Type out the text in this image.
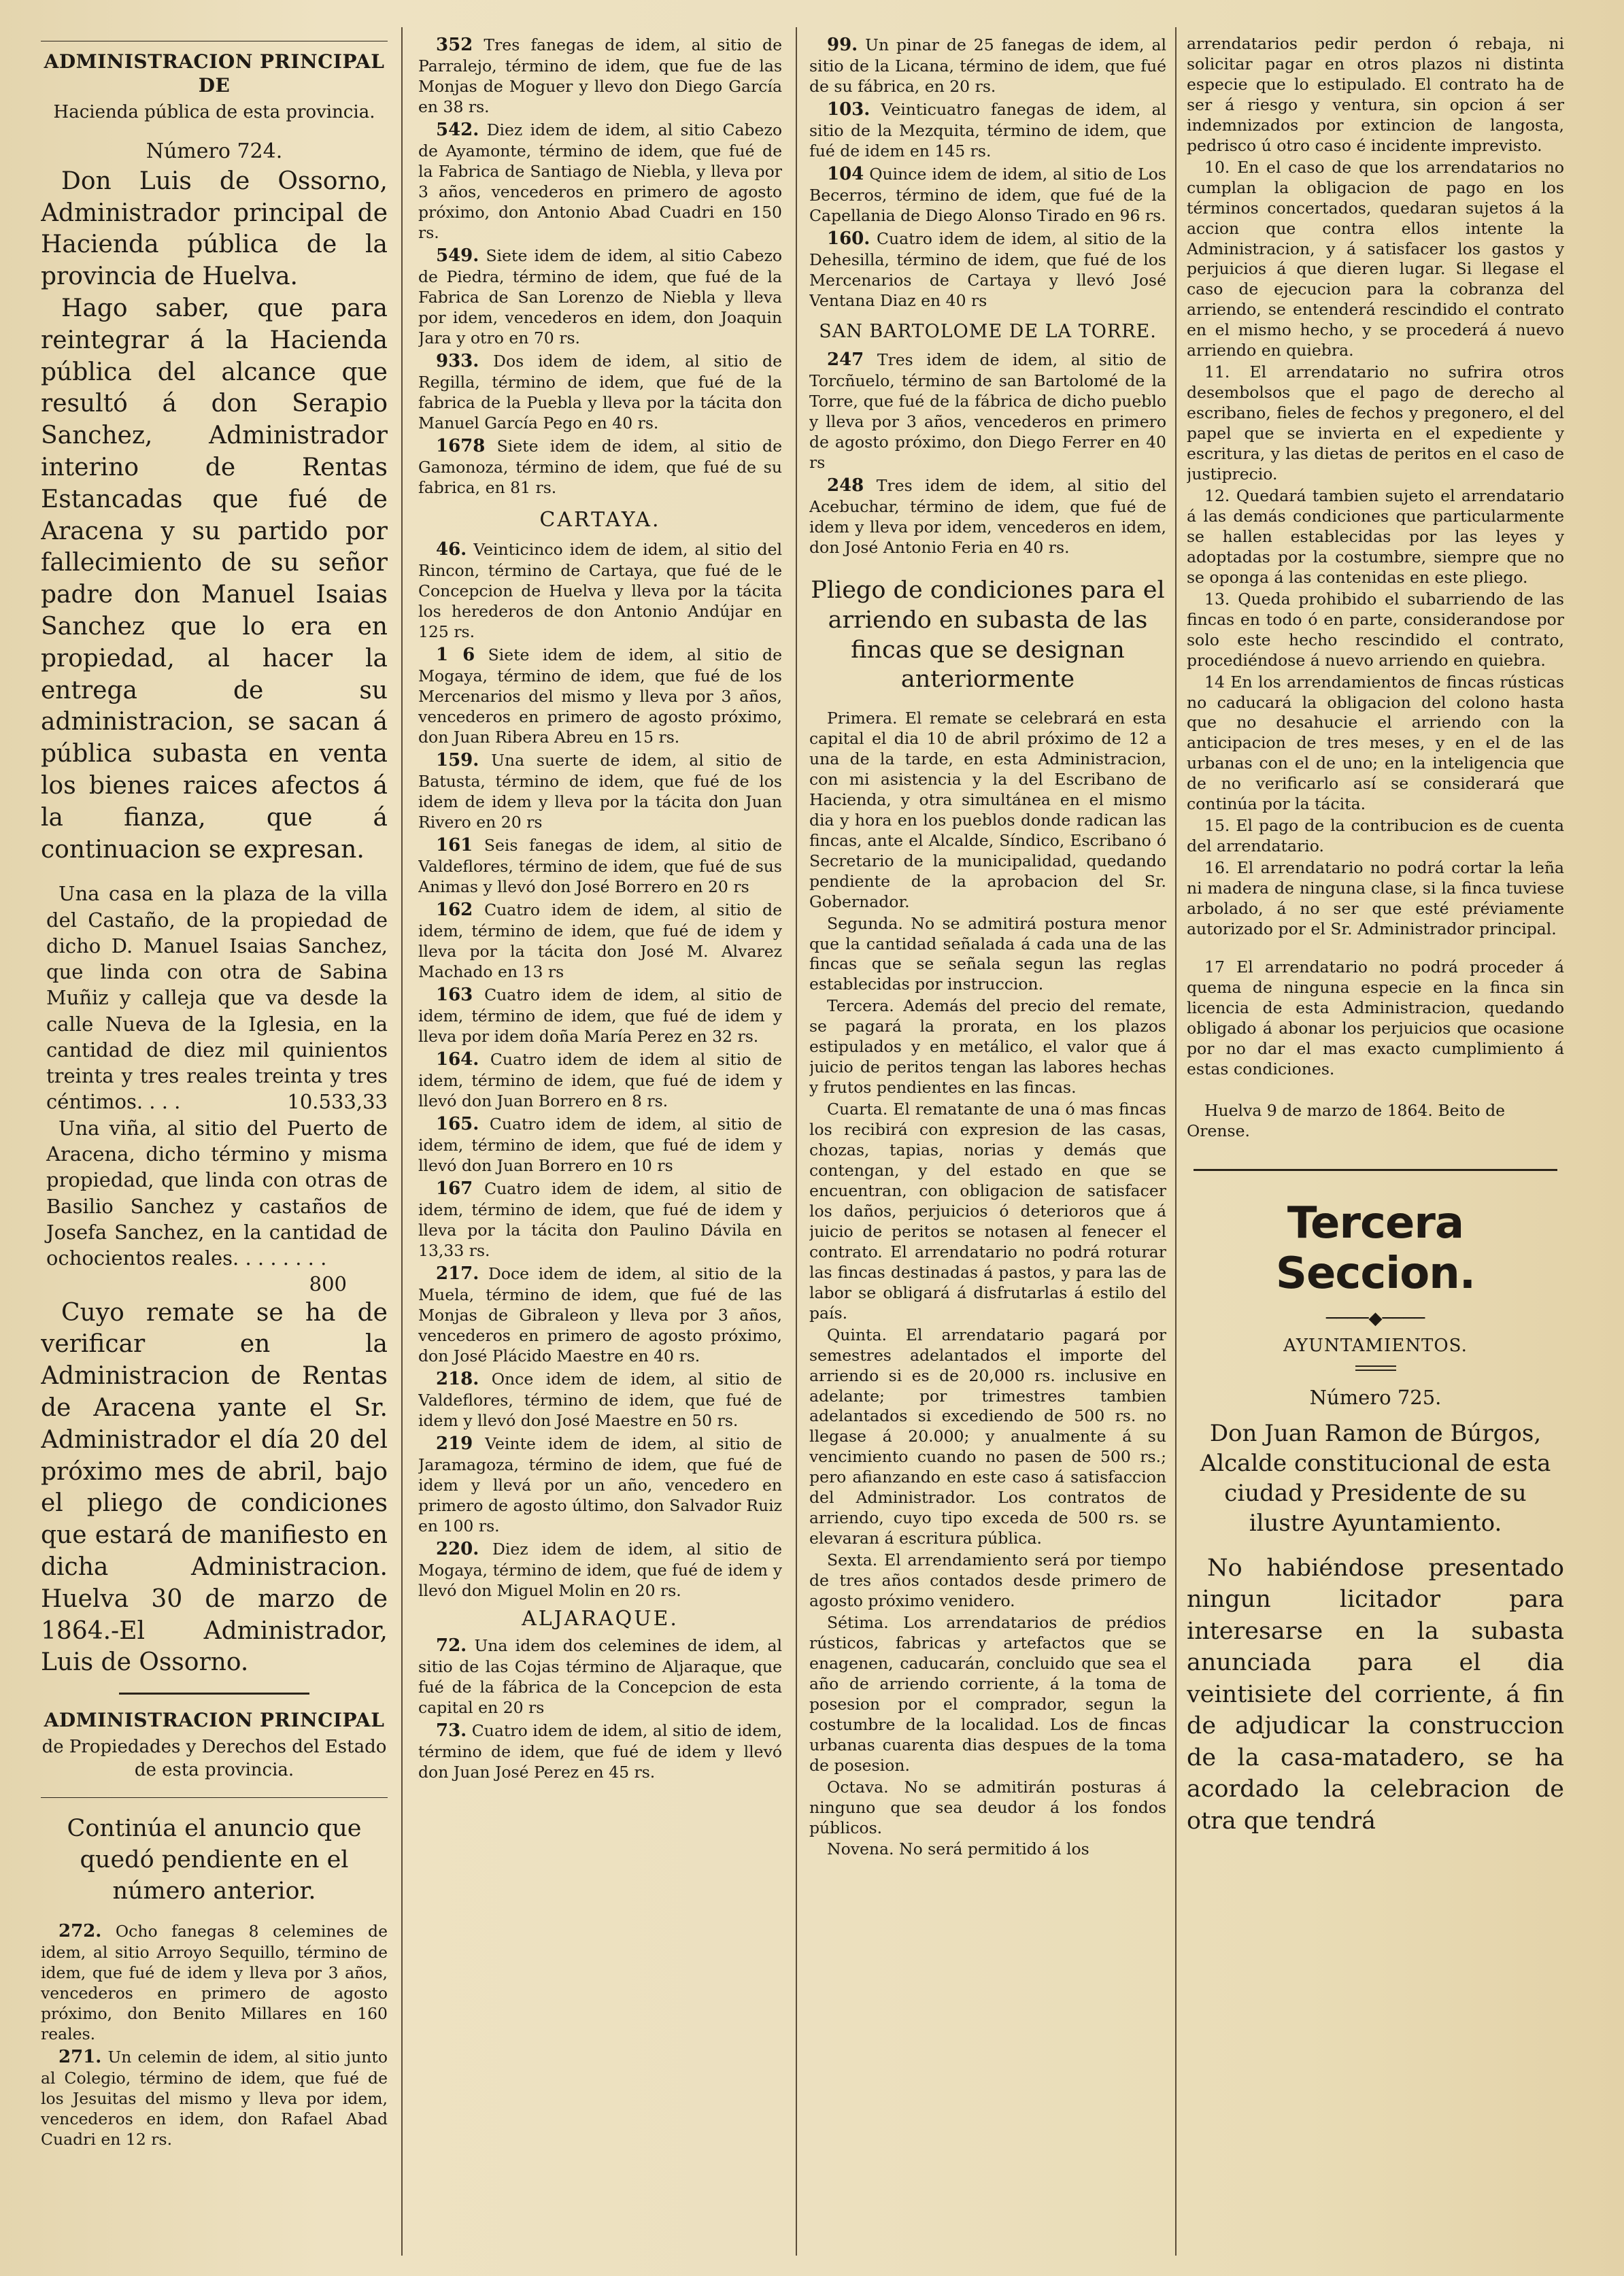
ADMINISTRACION PRINCIPAL DE
Hacienda pública de esta provincia.
Número 724.

Don Luis de Ossorno, Administrador principal de Hacienda pública de la provincia de Huelva.

Hago saber, que para reintegrar á la Hacienda pública del alcance que resultó á don Serapio Sanchez, Administrador interino de Rentas Estancadas que fué de Aracena y su partido por fallecimiento de su señor padre don Manuel Isaias Sanchez que lo era en propiedad, al hacer la entrega de su administracion, se sacan á pública subasta en venta los bienes raices afectos á la fianza, que á continuacion se expresan.

Una casa en la plaza de la villa del Castaño, de la propiedad de dicho D. Manuel Isaias Sanchez, que linda con otra de Sabina Muñiz y calleja que va desde la calle Nueva de la Iglesia, en la cantidad de diez mil quinientos treinta y tres reales treinta y tres céntimos. . . .	10.533,33

Una viña, al sitio del Puerto de Aracena, dicho término y misma propiedad, que linda con otras de Basilio Sanchez y castaños de Josefa Sanchez, en la cantidad de ochocientos reales. . . . . . . .
800

Cuyo remate se ha de verificar en la Administracion de Rentas de Aracena yante el Sr. Administrador el día 20 del próximo mes de abril, bajo el pliego de condiciones que estará de manifiesto en dicha Administracion. Huelva 30 de marzo de 1864.-El Administrador, Luis de Ossorno.

ADMINISTRACION PRINCIPAL
de Propiedades y Derechos del Estado de esta provincia.
Continúa el anuncio que quedó pendiente en el número anterior.

272. Ocho fanegas 8 celemines de idem, al sitio Arroyo Sequillo, término de idem, que fué de idem y lleva por 3 años, vencederos en primero de agosto próximo, don Benito Millares en 160 reales.

271. Un celemin de idem, al sitio junto al Colegio, término de idem, que fué de los Jesuitas del mismo y lleva por idem, vencederos en idem, don Rafael Abad Cuadri en 12 rs.

352 Tres fanegas de idem, al sitio de Parralejo, término de idem, que fue de las Monjas de Moguer y llevo don Diego García en 38 rs.

542. Diez idem de idem, al sitio Cabezo de Ayamonte, término de idem, que fué de la Fabrica de Santiago de Niebla, y lleva por 3 años, vencederos en primero de agosto próximo, don Antonio Abad Cuadri en 150 rs.

549. Siete idem de idem, al sitio Cabezo de Piedra, término de idem, que fué de la Fabrica de San Lorenzo de Niebla y lleva por idem, vencederos en idem, don Joaquin Jara y otro en 70 rs.

933. Dos idem de idem, al sitio de Regilla, término de idem, que fué de la fabrica de la Puebla y lleva por la tácita don Manuel García Pego en 40 rs.

1678 Siete idem de idem, al sitio de Gamonoza, término de idem, que fué de su fabrica, en 81 rs.

CARTAYA.

46. Veinticinco idem de idem, al sitio del Rincon, término de Cartaya, que fué de le Concepcion de Huelva y lleva por la tácita los herederos de don Antonio Andújar en 125 rs.

1 6 Siete idem de idem, al sitio de Mogaya, término de idem, que fué de los Mercenarios del mismo y lleva por 3 años, vencederos en primero de agosto próximo, don Juan Ribera Abreu en 15 rs.

159. Una suerte de idem, al sitio de Batusta, término de idem, que fué de los idem de idem y lleva por la tácita don Juan Rivero en 20 rs

161 Seis fanegas de idem, al sitio de Valdeflores, término de idem, que fué de sus Animas y llevó don José Borrero en 20 rs

162 Cuatro idem de idem, al sitio de idem, término de idem, que fué de idem y lleva por la tácita don José M. Alvarez Machado en 13 rs

163 Cuatro idem de idem, al sitio de idem, término de idem, que fué de idem y lleva por idem doña María Perez en 32 rs.

164. Cuatro idem de idem al sitio de idem, término de idem, que fué de idem y llevó don Juan Borrero en 8 rs.

165. Cuatro idem de idem, al sitio de idem, término de idem, que fué de idem y llevó don Juan Borrero en 10 rs

167 Cuatro idem de idem, al sitio de idem, término de idem, que fué de idem y lleva por la tácita don Paulino Dávila en 13,33 rs.

217. Doce idem de idem, al sitio de la Muela, término de idem, que fué de las Monjas de Gibraleon y lleva por 3 años, vencederos en primero de agosto próximo, don José Plácido Maestre en 40 rs.

218. Once idem de idem, al sitio de Valdeflores, término de idem, que fué de idem y llevó don José Maestre en 50 rs.

219 Veinte idem de idem, al sitio de Jaramagoza, término de idem, que fué de idem y llevá por un año, vencedero en primero de agosto último, don Salvador Ruiz en 100 rs.

220. Diez idem de idem, al sitio de Mogaya, término de idem, que fué de idem y llevó don Miguel Molin en 20 rs.

ALJARAQUE.

72. Una idem dos celemines de idem, al sitio de las Cojas término de Aljaraque, que fué de la fábrica de la Concepcion de esta capital en 20 rs

73. Cuatro idem de idem, al sitio de idem, término de idem, que fué de idem y llevó don Juan José Perez en 45 rs.

99. Un pinar de 25 fanegas de idem, al sitio de la Licana, término de idem, que fué de su fábrica, en 20 rs.

103. Veinticuatro fanegas de idem, al sitio de la Mezquita, término de idem, que fué de idem en 145 rs.

104 Quince idem de idem, al sitio de Los Becerros, término de idem, que fué de la Capellania de Diego Alonso Tirado en 96 rs.

160. Cuatro idem de idem, al sitio de la Dehesilla, término de idem, que fué de los Mercenarios de Cartaya y llevó José Ventana Diaz en 40 rs

SAN BARTOLOME DE LA TORRE.

247 Tres idem de idem, al sitio de Torcñuelo, término de san Bartolomé de la Torre, que fué de la fábrica de dicho pueblo y lleva por 3 años, vencederos en primero de agosto próximo, don Diego Ferrer en 40 rs

248 Tres idem de idem, al sitio del Acebuchar, término de idem, que fué de idem y lleva por idem, vencederos en idem, don José Antonio Feria en 40 rs.

Pliego de condiciones para el arriendo en subasta de las fincas que se designan anteriormente

Primera. El remate se celebrará en esta capital el dia 10 de abril próximo de 12 a una de la tarde, en esta Administracion, con mi asistencia y la del Escribano de Hacienda, y otra simultánea en el mismo dia y hora en los pueblos donde radican las fincas, ante el Alcalde, Síndico, Escribano ó Secretario de la municipalidad, quedando pendiente de la aprobacion del Sr. Gobernador.

Segunda. No se admitirá postura menor que la cantidad señalada á cada una de las fincas que se señala segun las reglas establecidas por instruccion.

Tercera. Además del precio del remate, se pagará la prorata, en los plazos estipulados y en metálico, el valor que á juicio de peritos tengan las labores hechas y frutos pendientes en las fincas.

Cuarta. El rematante de una ó mas fincas los recibirá con expresion de las casas, chozas, tapias, norias y demás que contengan, y del estado en que se encuentran, con obligacion de satisfacer los daños, perjuicios ó deterioros que á juicio de peritos se notasen al fenecer el contrato. El arrendatario no podrá roturar las fincas destinadas á pastos, y para las de labor se obligará á disfrutarlas á estilo del país.

Quinta. El arrendatario pagará por semestres adelantados el importe del arriendo si es de 20,000 rs. inclusive en adelante; por trimestres tambien adelantados si excediendo de 500 rs. no llegase á 20.000; y anualmente á su vencimiento cuando no pasen de 500 rs.; pero afianzando en este caso á satisfaccion del Administrador. Los contratos de arriendo, cuyo tipo exceda de 500 rs. se elevaran á escritura pública.

Sexta. El arrendamiento será por tiempo de tres años contados desde primero de agosto próximo venidero.

Sétima. Los arrendatarios de prédios rústicos, fabricas y artefactos que se enagenen, caducarán, concluido que sea el año de arriendo corriente, á la toma de posesion por el comprador, segun la costumbre de la localidad. Los de fincas urbanas cuarenta dias despues de la toma de posesion.

Octava. No se admitirán posturas á ninguno que sea deudor á los fondos públicos.

Novena. No será permitido á los

arrendatarios pedir perdon ó rebaja, ni solicitar pagar en otros plazos ni distinta especie que lo estipulado. El contrato ha de ser á riesgo y ventura, sin opcion á ser indemnizados por extincion de langosta, pedrisco ú otro caso é incidente imprevisto.

10. En el caso de que los arrendatarios no cumplan la obligacion de pago en los términos concertados, quedaran sujetos á la accion que contra ellos intente la Administracion, y á satisfacer los gastos y perjuicios á que dieren lugar. Si llegase el caso de ejecucion para la cobranza del arriendo, se entenderá rescindido el contrato en el mismo hecho, y se procederá á nuevo arriendo en quiebra.

11. El arrendatario no sufrira otros desembolsos que el pago de derecho al escribano, fieles de fechos y pregonero, el del papel que se invierta en el expediente y escritura, y las dietas de peritos en el caso de justiprecio.

12. Quedará tambien sujeto el arrendatario á las demás condiciones que particularmente se hallen establecidas por las leyes y adoptadas por la costumbre, siempre que no se oponga á las contenidas en este pliego.

13. Queda prohibido el subarriendo de las fincas en todo ó en parte, considerandose por solo este hecho rescindido el contrato, procediéndose á nuevo arriendo en quiebra.

14 En los arrendamientos de fincas rústicas no caducará la obligacion del colono hasta que no desahucie el arriendo con la anticipacion de tres meses, y en el de las urbanas con el de uno; en la inteligencia que de no verificarlo así se considerará que continúa por la tácita.

15. El pago de la contribucion es de cuenta del arrendatario.

16. El arrendatario no podrá cortar la leña ni madera de ninguna clase, si la finca tuviese arbolado, á no ser que esté préviamente autorizado por el Sr. Administrador principal.

17 El arrendatario no podrá proceder á quema de ninguna especie en la finca sin licencia de esta Administracion, quedando obligado á abonar los perjuicios que ocasione por no dar el mas exacto cumplimiento á estas condiciones.

Huelva 9 de marzo de 1864. Beito de Orense.
Tercera Seccion.
────◆────
AYUNTAMIENTOS.
Número 725.
Don Juan Ramon de Búrgos, Alcalde constitucional de esta ciudad y Presidente de su ilustre Ayuntamiento.

No habiéndose presentado ningun licitador para interesarse en la subasta anunciada para el dia veintisiete del corriente, á fin de adjudicar la construccion de la casa-matadero, se ha acordado la celebracion de otra que tendrá
